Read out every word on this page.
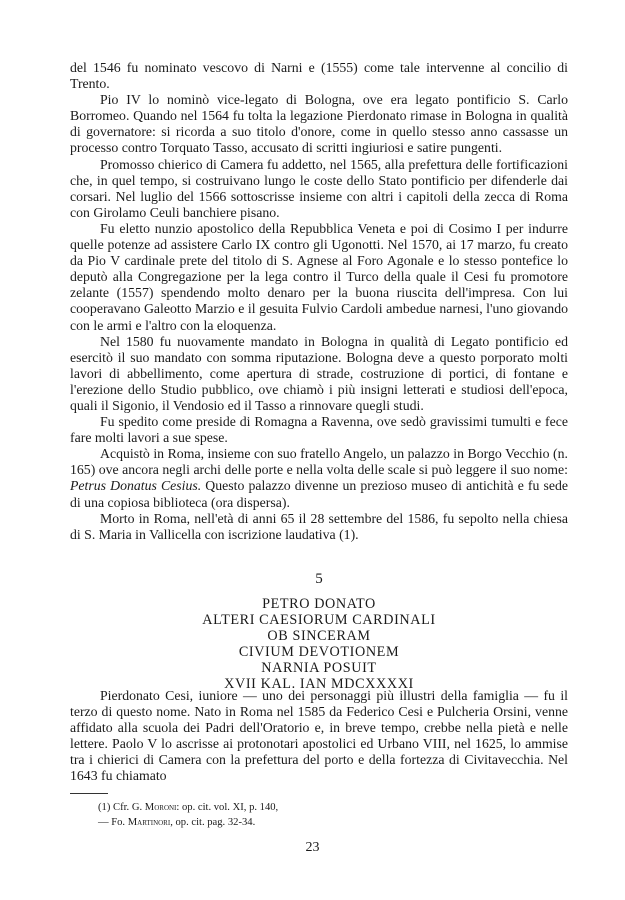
del 1546 fu nominato vescovo di Narni e (1555) come tale intervenne al concilio di Trento.

Pio IV lo nominò vice-legato di Bologna, ove era legato pontificio S. Carlo Borromeo. Quando nel 1564 fu tolta la legazione Pierdonato rimase in Bologna in qualità di governatore: si ricorda a suo titolo d'onore, come in quello stesso anno cassasse un processo contro Torquato Tasso, accusato di scritti ingiuriosi e satire pungenti.

Promosso chierico di Camera fu addetto, nel 1565, alla prefettura delle fortificazioni che, in quel tempo, si costruivano lungo le coste dello Stato pontificio per difenderle dai corsari. Nel luglio del 1566 sottoscrisse insieme con altri i capitoli della zecca di Roma con Girolamo Ceuli banchiere pisano.

Fu eletto nunzio apostolico della Repubblica Veneta e poi di Cosimo I per indurre quelle potenze ad assistere Carlo IX contro gli Ugonotti. Nel 1570, ai 17 marzo, fu creato da Pio V cardinale prete del titolo di S. Agnese al Foro Agonale e lo stesso pontefice lo deputò alla Congregazione per la lega contro il Turco della quale il Cesi fu promotore zelante (1557) spendendo molto denaro per la buona riuscita dell'impresa. Con lui cooperavano Galeotto Marzio e il gesuita Fulvio Cardoli ambedue narnesi, l'uno giovando con le armi e l'altro con la eloquenza.

Nel 1580 fu nuovamente mandato in Bologna in qualità di Legato pontificio ed esercitò il suo mandato con somma riputazione. Bologna deve a questo porporato molti lavori di abbellimento, come apertura di strade, costruzione di portici, di fontane e l'erezione dello Studio pubblico, ove chiamò i più insigni letterati e studiosi dell'epoca, quali il Sigonio, il Vendosio ed il Tasso a rinnovare quegli studi.

Fu spedito come preside di Romagna a Ravenna, ove sedò gravissimi tumulti e fece fare molti lavori a sue spese.

Acquistò in Roma, insieme con suo fratello Angelo, un palazzo in Borgo Vecchio (n. 165) ove ancora negli archi delle porte e nella volta delle scale si può leggere il suo nome: Petrus Donatus Cesius. Questo palazzo divenne un prezioso museo di antichità e fu sede di una copiosa biblioteca (ora dispersa).

Morto in Roma, nell'età di anni 65 il 28 settembre del 1586, fu sepolto nella chiesa di S. Maria in Vallicella con iscrizione laudativa (1).

5
PETRO DONATO
ALTERI CAESIORUM CARDINALI
OB SINCERAM
CIVIUM DEVOTIONEM
NARNIA POSUIT
XVII KAL. IAN MDCXXXXI

Pierdonato Cesi, iuniore — uno dei personaggi più illustri della famiglia — fu il terzo di questo nome. Nato in Roma nel 1585 da Federico Cesi e Pulcheria Orsini, venne affidato alla scuola dei Padri dell'Oratorio e, in breve tempo, crebbe nella pietà e nelle lettere. Paolo V lo ascrisse ai protonotari apostolici ed Urbano VIII, nel 1625, lo ammise tra i chierici di Camera con la prefettura del porto e della fortezza di Civitavecchia. Nel 1643 fu chiamato

(1) Cfr. G. Moroni: op. cit. vol. XI, p. 140,
— Fo. Martinori, op. cit. pag. 32-34.
23
